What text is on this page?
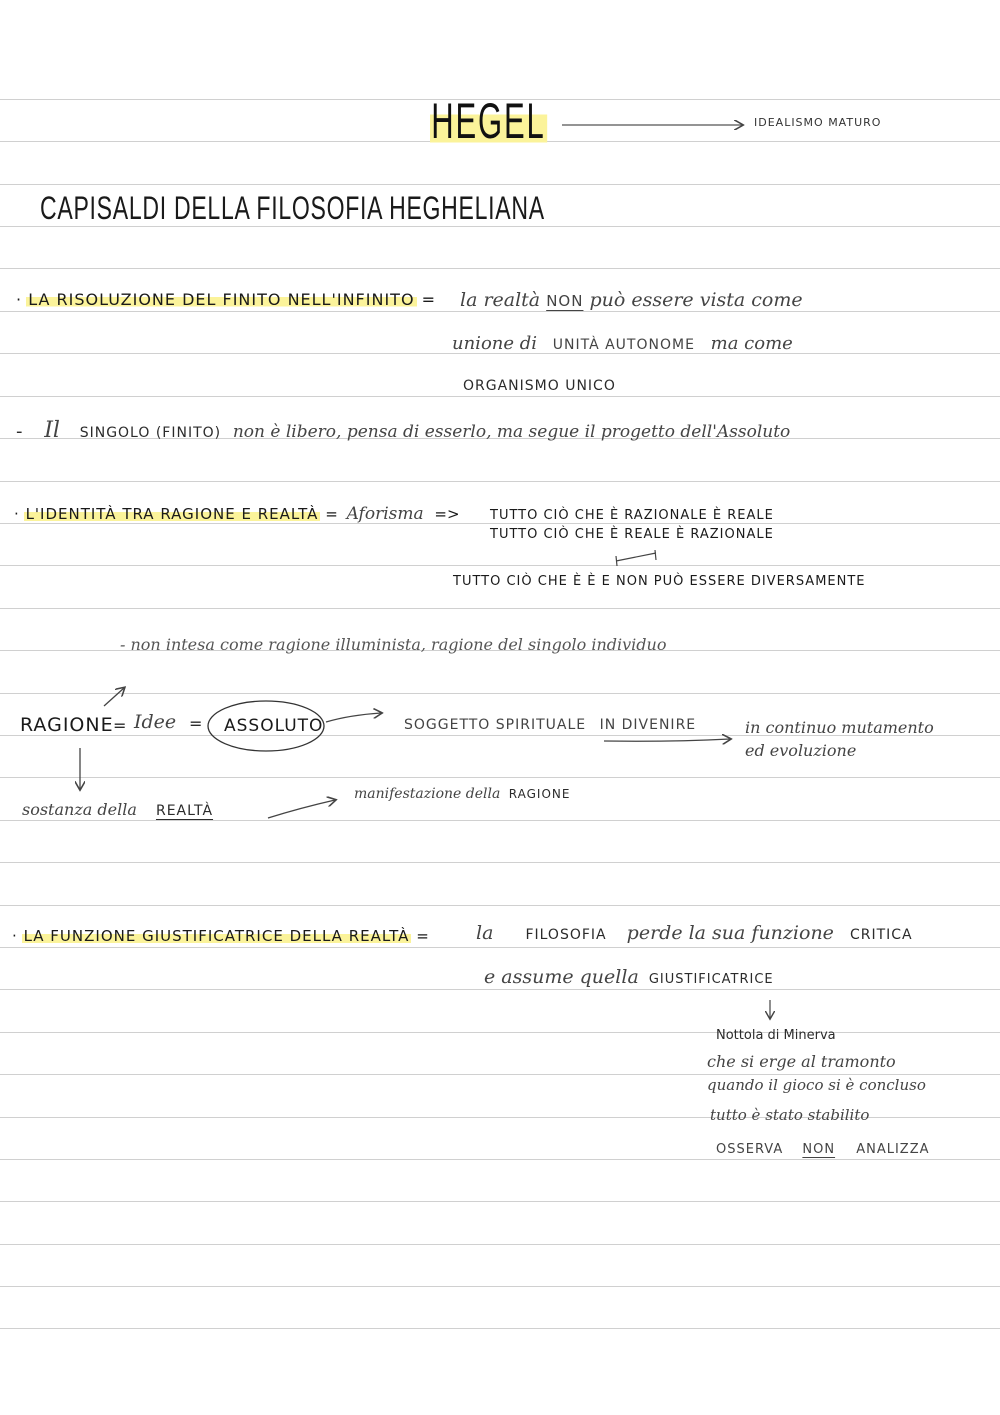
HEGEL	IDEALISMO MATURO
CAPISALDI DELLA FILOSOFIA HEGHELIANA
· LA RISOLUZIONE DEL FINITO NELL'INFINITO = la realtà NON può essere vista come
unione di UNITÀ AUTONOME ma come
ORGANISMO UNICO
- Il SINGOLO (FINITO) non è libero, pensa di esserlo, ma segue il progetto dell'Assoluto
· L'IDENTITÀ TRA RAGIONE E REALTÀ = Aforisma => TUTTO CIÒ CHE È RAZIONALE È REALE
TUTTO CIÒ CHE È REALE È RAZIONALE
TUTTO CIÒ CHE È È E NON PUÒ ESSERE DIVERSAMENTE
- non intesa come ragione illuminista, ragione del singolo individuo
RAGIONE = Idee = ASSOLUTO	SOGGETTO SPIRITUALE IN DIVENIRE	in continuo mutamento
ed evoluzione
sostanza della REALTÀ
manifestazione della RAGIONE
· LA FUNZIONE GIUSTIFICATRICE DELLA REALTÀ = la FILOSOFIA perde la sua funzione CRITICA
e assume quella GIUSTIFICATRICE
Nottola di Minerva
che si erge al tramonto
quando il gioco si è concluso
tutto è stato stabilito
OSSERVA NON ANALIZZA
